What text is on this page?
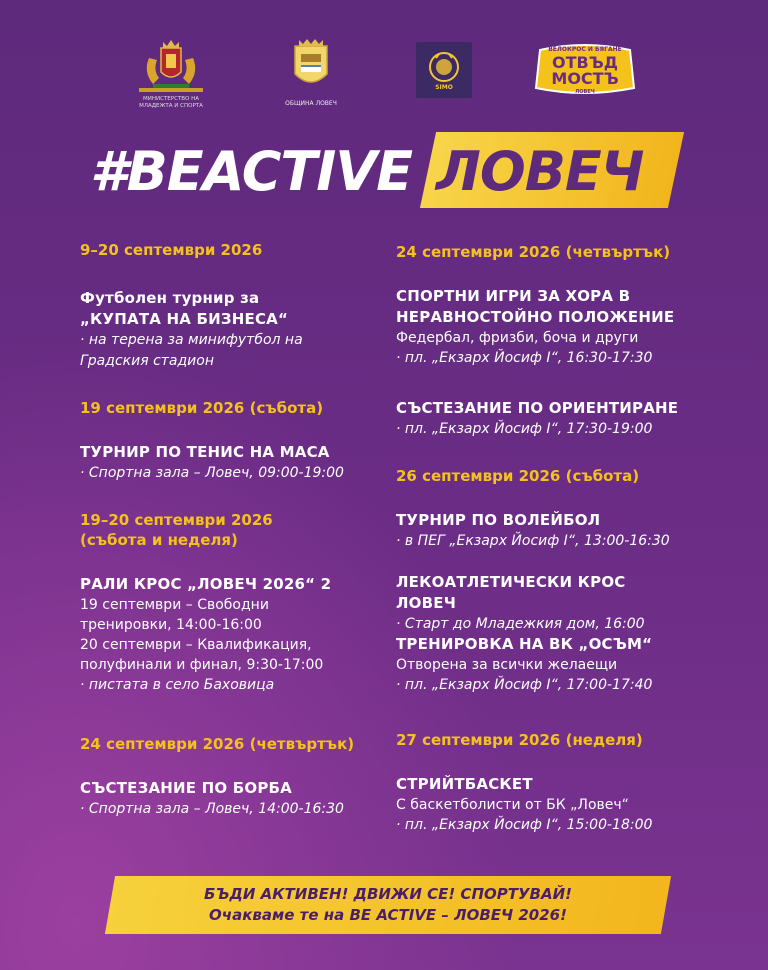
МИНИСТЕРСТВО НА МЛАДЕЖТА И СПОРТА	ОБЩИНА ЛОВЕЧ
SIMO
ВЕЛОКРОС И БЯГАНЕ
ОТВЪД
МОСТЪ
ЛОВЕЧ
#BEACTIVE ЛОВЕЧ
9–20 септември 2026
Футболен турнир за
„КУПАТА НА БИЗНЕСА“
· на терена за минифутбол на
Градския стадион
19 септември 2026 (събота)
ТУРНИР ПО ТЕНИС НА МАСА
· Спортна зала – Ловеч, 09:00-19:00
19–20 септември 2026
(събота и неделя)
РАЛИ КРОС „ЛОВЕЧ 2026“ 2
19 септември – Свободни
тренировки, 14:00-16:00
20 септември – Квалификация,
полуфинали и финал, 9:30-17:00
· пистата в село Баховица
24 септември 2026 (четвъртък)
СЪСТЕЗАНИЕ ПО БОРБА
· Спортна зала – Ловеч, 14:00-16:30
24 септември 2026 (четвъртък)
СПОРТНИ ИГРИ ЗА ХОРА В
НЕРАВНОСТОЙНО ПОЛОЖЕНИЕ
Федербал, фризби, боча и други
· пл. „Екзарх Йосиф I“, 16:30-17:30
СЪСТЕЗАНИЕ ПО ОРИЕНТИРАНЕ
· пл. „Екзарх Йосиф I“, 17:30-19:00
26 септември 2026 (събота)
ТУРНИР ПО ВОЛЕЙБОЛ
· в ПЕГ „Екзарх Йосиф I“, 13:00-16:30
ЛЕКОАТЛЕТИЧЕСКИ КРОС ЛОВЕЧ
· Старт до Младежкия дом, 16:00
ТРЕНИРОВКА НА ВК „ОСЪМ“
Отворена за всички желаещи
· пл. „Екзарх Йосиф I“, 17:00-17:40
27 септември 2026 (неделя)
СТРИЙТБАСКЕТ
С баскетболисти от БК „Ловеч“
· пл. „Екзарх Йосиф I“, 15:00-18:00
БЪДИ АКТИВЕН! ДВИЖИ СЕ! СПОРТУВАЙ!
Очакваме те на BE ACTIVE – ЛОВЕЧ 2026!
